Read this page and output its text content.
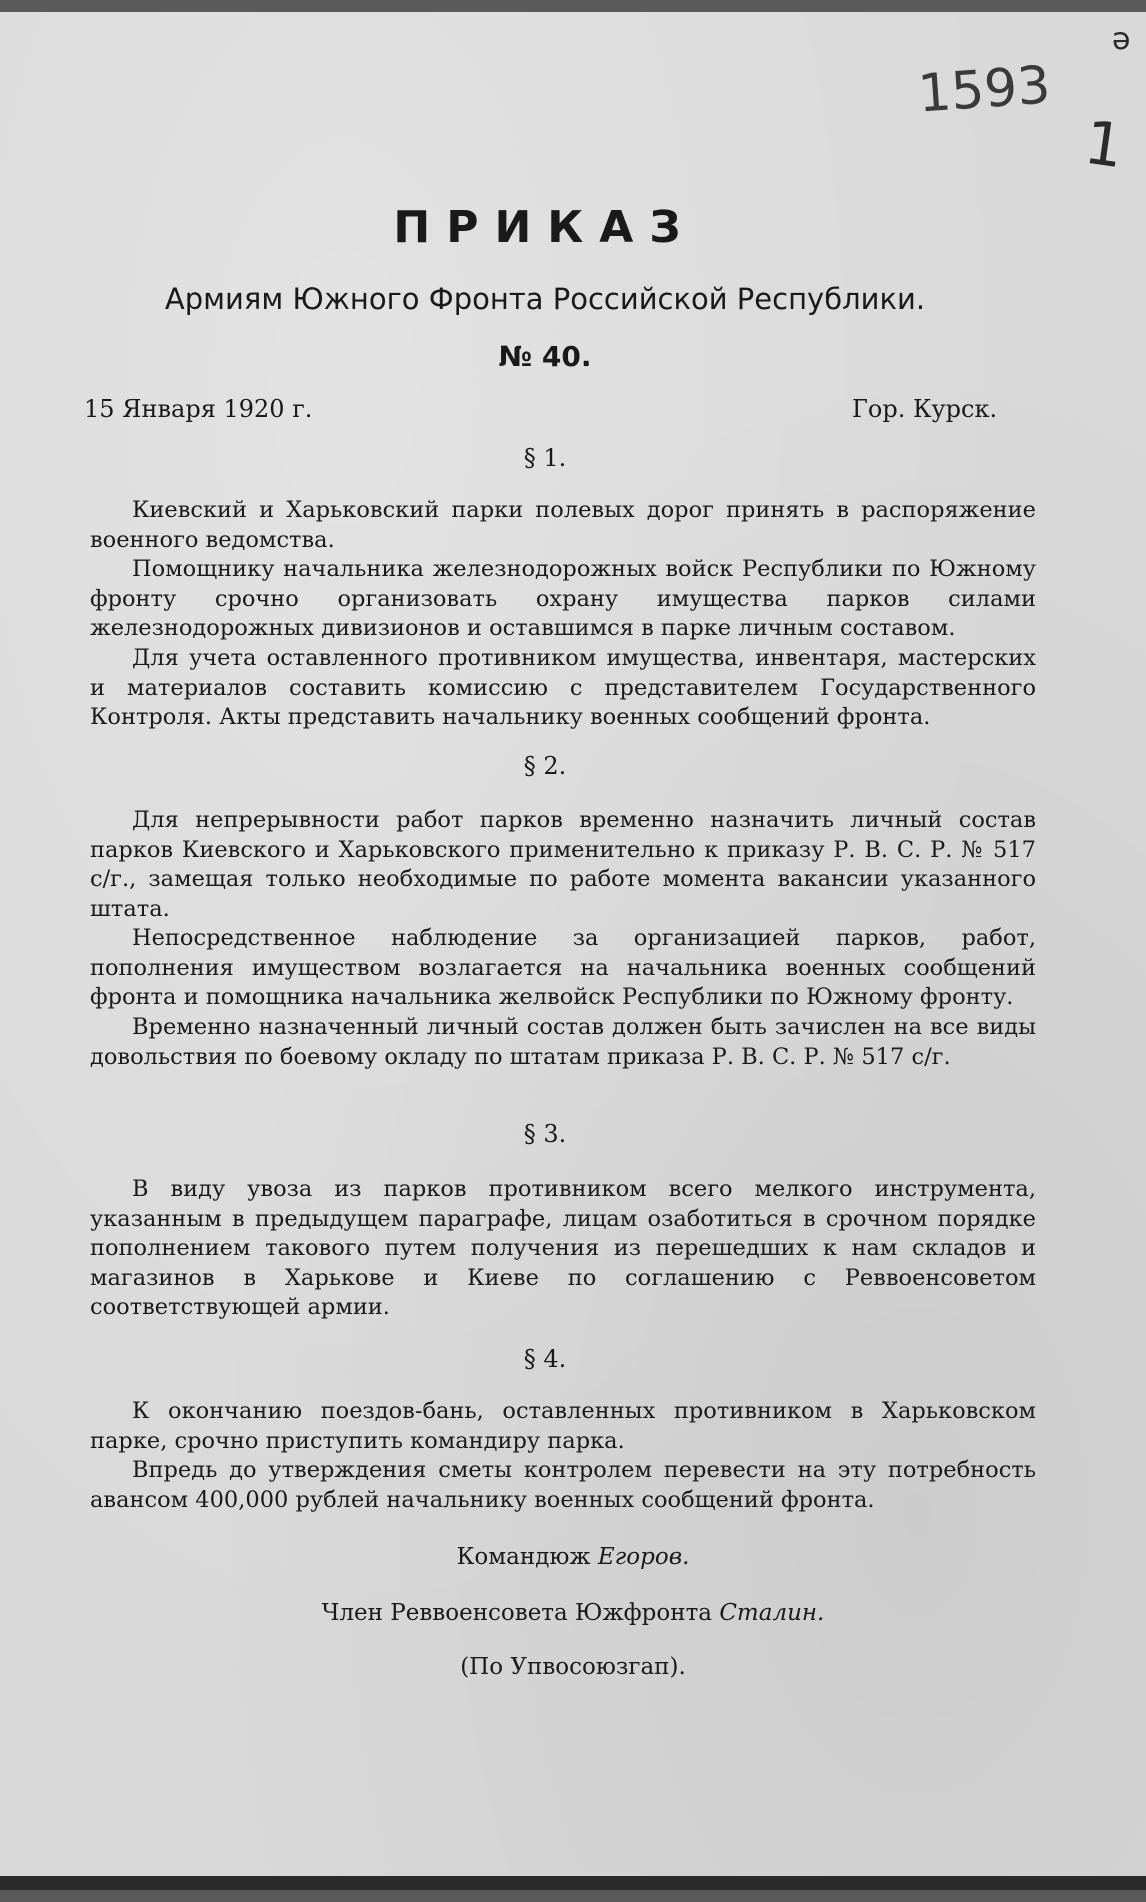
ə
1593
1
ПРИКАЗ
Армиям Южного Фронта Российской Республики.
№ 40.
15 Января 1920 г.	Гор. Курск.
§ 1.
Киевский и Харьковский парки полевых дорог принять в распоряжение военного ведомства.
Помощнику начальника железнодорожных войск Республики по Южному фронту срочно организовать охрану имущества парков силами железнодорожных дивизионов и оставшимся в парке личным составом.
Для учета оставленного противником имущества, инвентаря, мастерских и материалов составить комиссию с представителем Государственного Контроля. Акты представить начальнику военных сообщений фронта.
§ 2.
Для непрерывности работ парков временно назначить личный состав парков Киевского и Харьковского применительно к приказу Р. В. С. Р. № 517 с/г., замещая только необходимые по работе момента вакансии указанного штата.
Непосредственное наблюдение за организацией парков, работ, пополнения имуществом возлагается на начальника военных сообщений фронта и помощника начальника желвойск Республики по Южному фронту.
Временно назначенный личный состав должен быть зачислен на все виды довольствия по боевому окладу по штатам приказа Р. В. С. Р. № 517 с/г.
§ 3.
В виду увоза из парков противником всего мелкого инструмента, указанным в предыдущем параграфе, лицам озаботиться в срочном порядке пополнением такового путем получения из перешедших к нам складов и магазинов в Харькове и Киеве по соглашению с Реввоенсоветом соответствующей армии.
§ 4.
К окончанию поездов-бань, оставленных противником в Харьковском парке, срочно приступить командиру парка.
Впредь до утверждения сметы контролем перевести на эту потребность авансом 400,000 рублей начальнику военных сообщений фронта.
Командюж Егоров.
Член Реввоенсовета Южфронта Сталин.
(По Упвосоюзгап).
